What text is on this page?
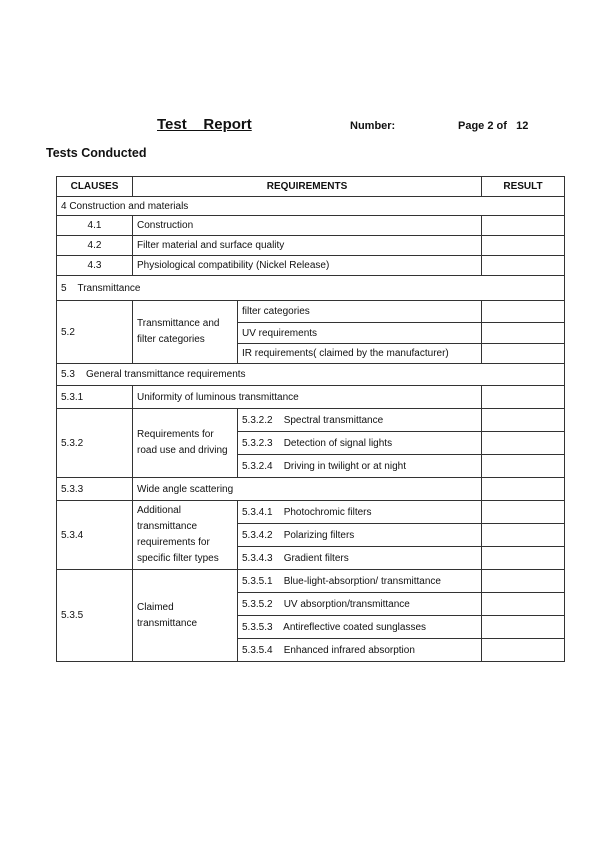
Test    Report	Number:	Page 2 of   12
Tests Conducted
CLAUSES	REQUIREMENTS		RESULT
4 Construction and materials			
4.1	Construction		
4.2	Filter material and surface quality		
4.3	Physiological compatibility (Nickel Release)		
5    Transmittance			
5.2	Transmittance and filter categories	filter categories	
		UV requirements	
		IR requirements( claimed by the manufacturer)	
5.3    General transmittance requirements			
5.3.1	Uniformity of luminous transmittance		
5.3.2	Requirements for road use and driving	5.3.2.2    Spectral transmittance	
		5.3.2.3    Detection of signal lights	
		5.3.2.4    Driving in twilight or at night	
5.3.3	Wide angle scattering		
5.3.4	Additional transmittance requirements for specific filter types	5.3.4.1    Photochromic filters	
		5.3.4.2    Polarizing filters	
		5.3.4.3    Gradient filters	
5.3.5	Claimed transmittance	5.3.5.1    Blue-light-absorption/ transmittance	
		5.3.5.2    UV absorption/transmittance	
		5.3.5.3    Antireflective coated sunglasses	
		5.3.5.4    Enhanced infrared absorption	
